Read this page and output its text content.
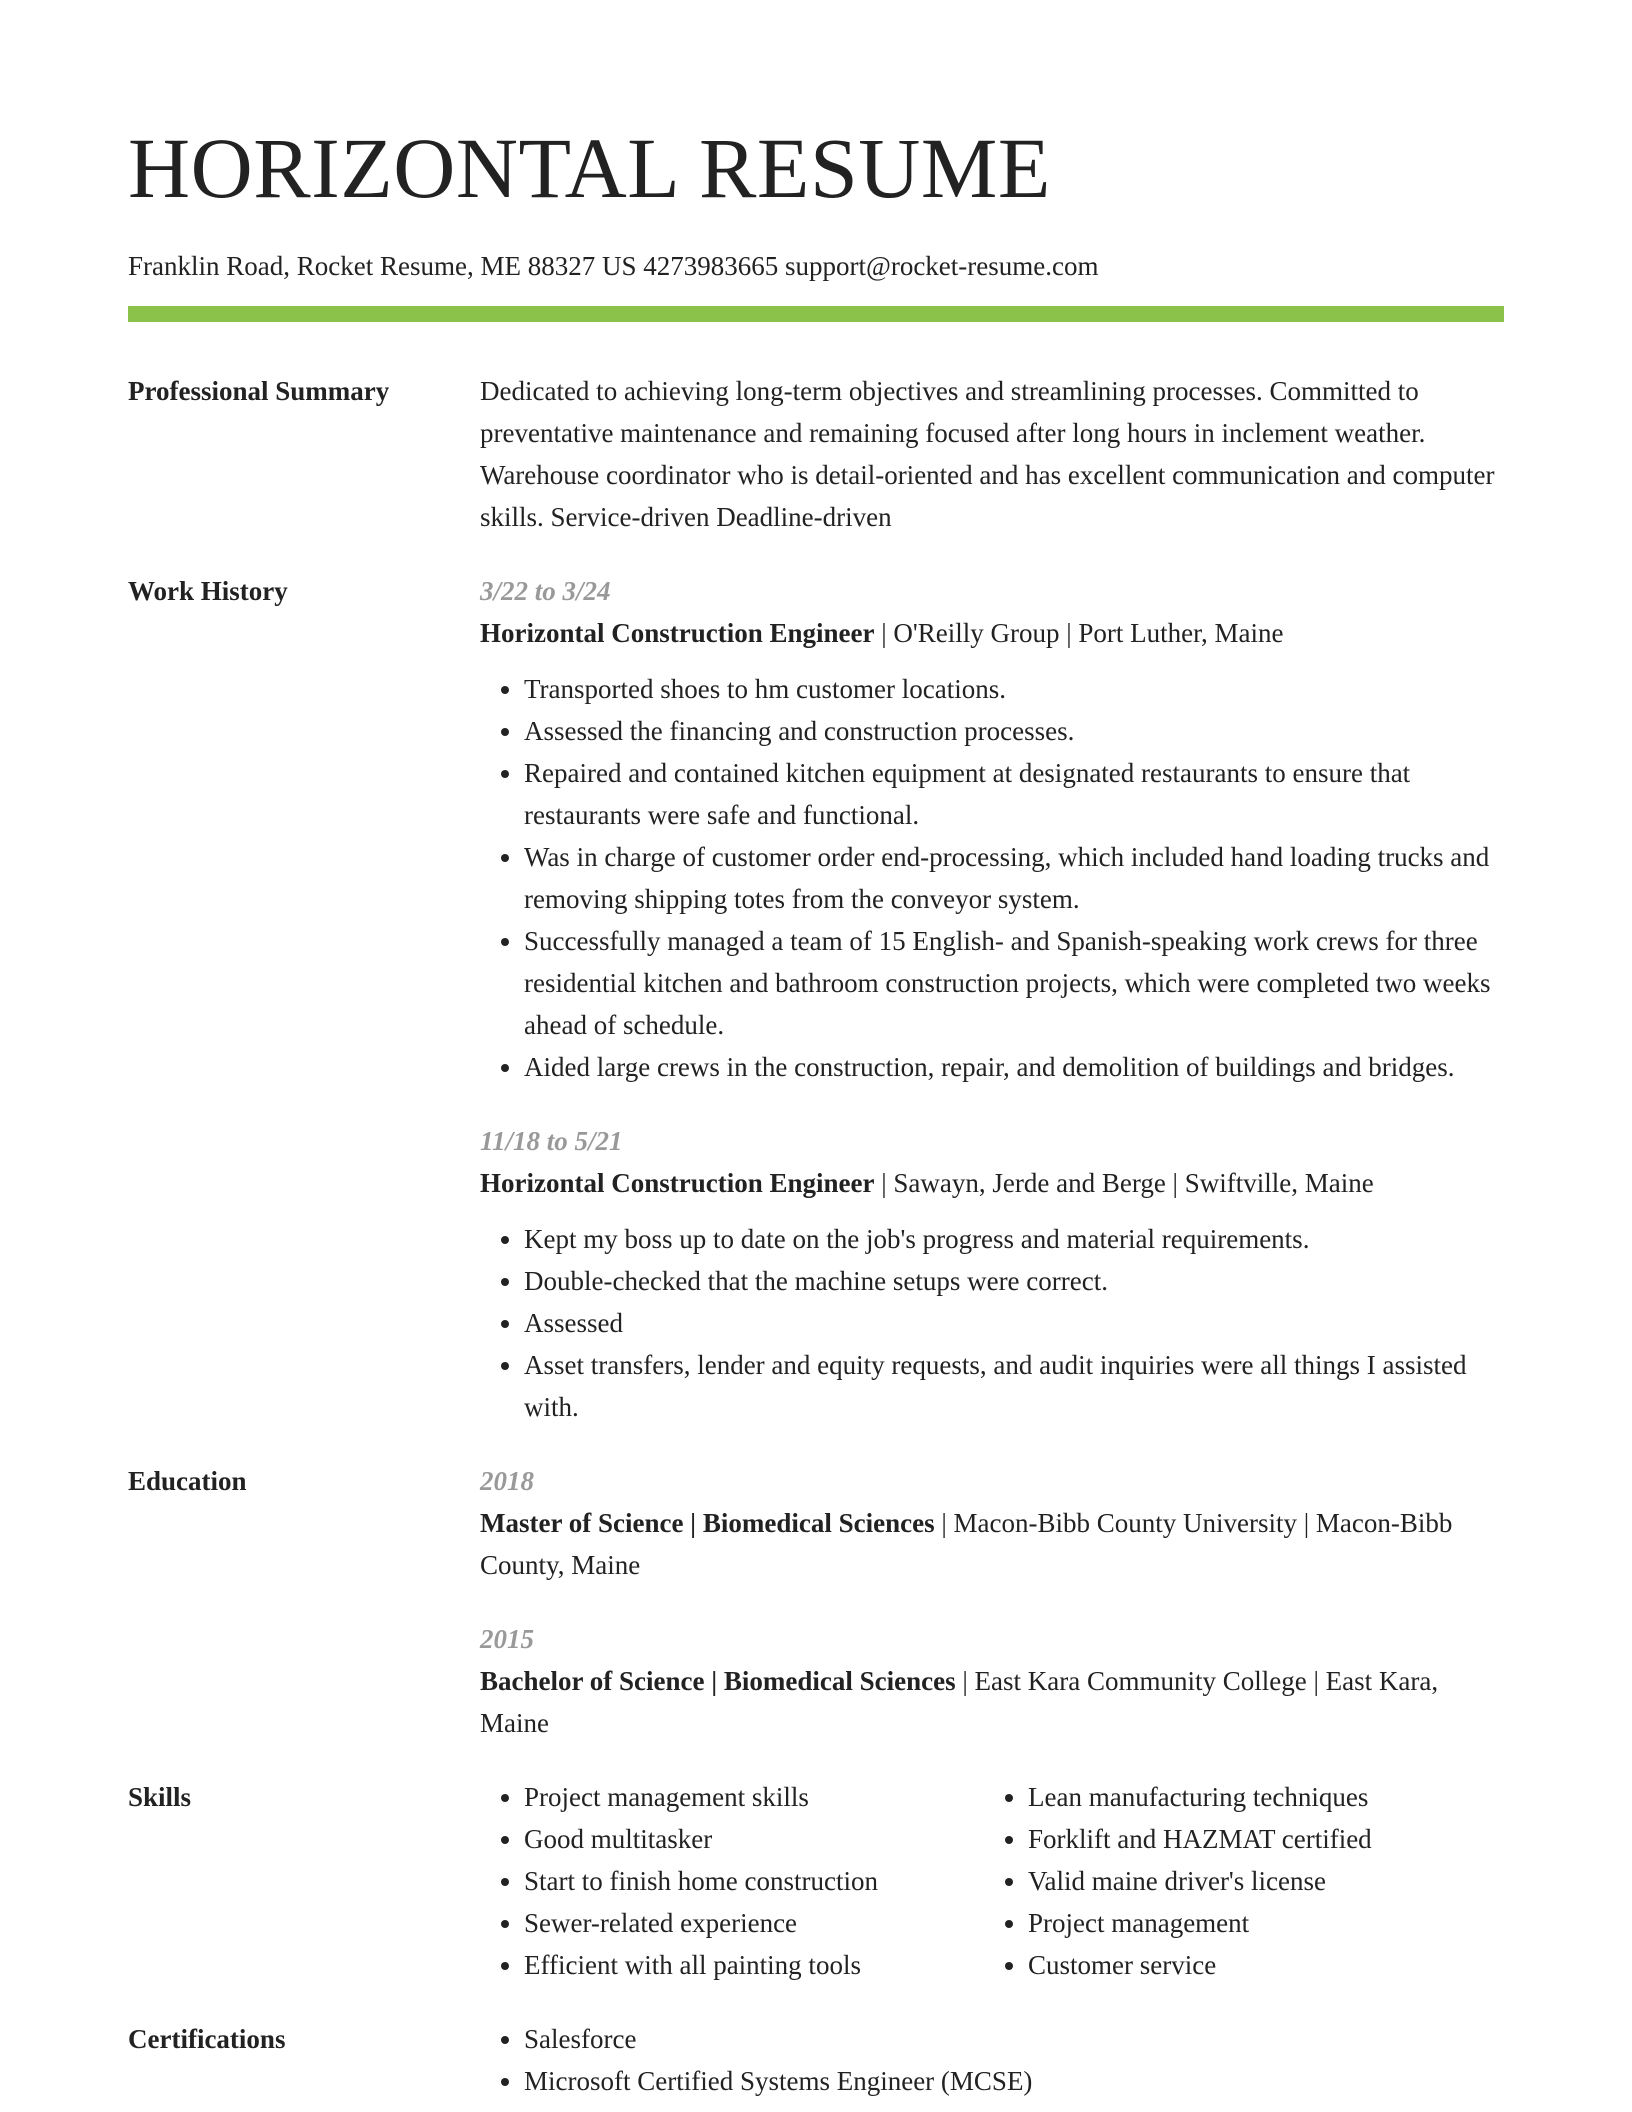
HORIZONTAL RESUME
Franklin Road, Rocket Resume, ME 88327 US 4273983665 support@rocket-resume.com
Professional Summary	Dedicated to achieving long-term objectives and streamlining processes. Committed to preventative maintenance and remaining focused after long hours in inclement weather. Warehouse coordinator who is detail-oriented and has excellent communication and computer skills. Service-driven Deadline-driven
Work History	3/22 to 3/24
Horizontal Construction Engineer | O'Reilly Group | Port Luther, Maine
• Transported shoes to hm customer locations.
• Assessed the financing and construction processes.
• Repaired and contained kitchen equipment at designated restaurants to ensure that restaurants were safe and functional.
• Was in charge of customer order end-processing, which included hand loading trucks and removing shipping totes from the conveyor system.
• Successfully managed a team of 15 English- and Spanish-speaking work crews for three residential kitchen and bathroom construction projects, which were completed two weeks ahead of schedule.
• Aided large crews in the construction, repair, and demolition of buildings and bridges.
11/18 to 5/21
Horizontal Construction Engineer | Sawayn, Jerde and Berge | Swiftville, Maine
• Kept my boss up to date on the job's progress and material requirements.
• Double-checked that the machine setups were correct.
• Assessed
• Asset transfers, lender and equity requests, and audit inquiries were all things I assisted with.
Education	2018
Master of Science | Biomedical Sciences | Macon-Bibb County University | Macon-Bibb County, Maine
2015
Bachelor of Science | Biomedical Sciences | East Kara Community College | East Kara, Maine
Skills	• Project management skills
• Good multitasker
• Start to finish home construction
• Sewer-related experience
• Efficient with all painting tools
• Lean manufacturing techniques
• Forklift and HAZMAT certified
• Valid maine driver's license
• Project management
• Customer service
Certifications	• Salesforce
• Microsoft Certified Systems Engineer (MCSE)
